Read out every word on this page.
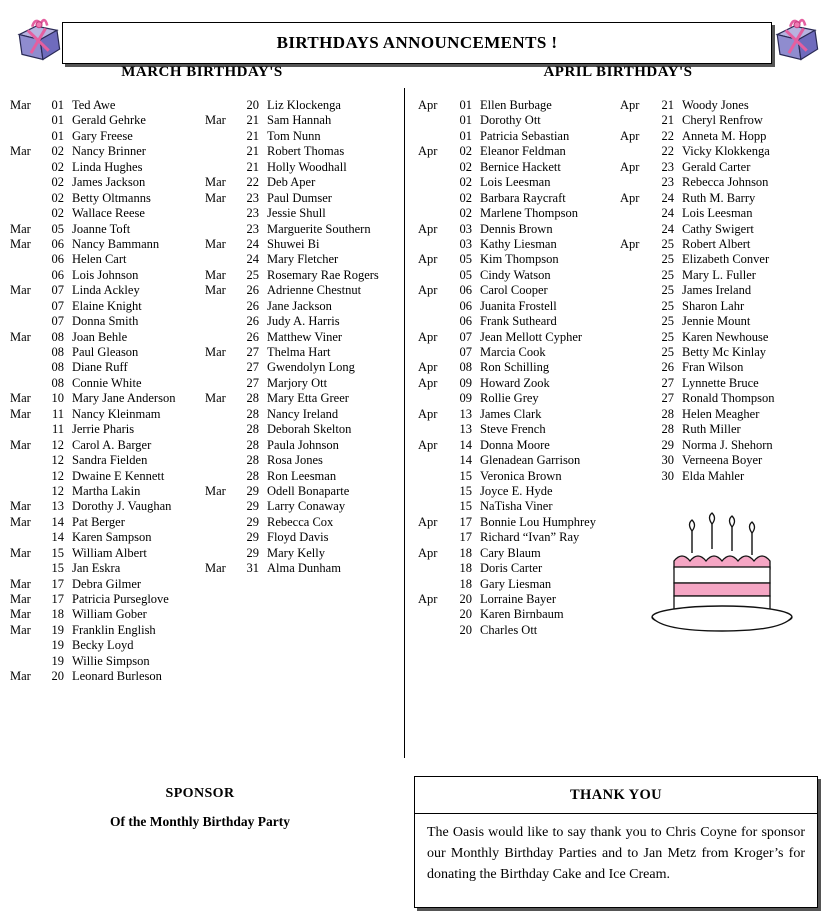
BIRTHDAYS ANNOUNCEMENTS !
MARCH BIRTHDAY'S	APRIL BIRTHDAY'S
Mar	01 Ted Awe
01 Gerald Gehrke
01 Gary Freese
Mar	02 Nancy Brinner
02 Linda Hughes
02 James Jackson
02 Betty Oltmanns
02 Wallace Reese
Mar	05 Joanne Toft
Mar	06 Nancy Bammann
06 Helen Cart
06 Lois Johnson
Mar	07 Linda Ackley
07 Elaine Knight
07 Donna Smith
Mar	08 Joan Behle
08 Paul Gleason
08 Diane Ruff
08 Connie White
Mar	10 Mary Jane Anderson
Mar	11 Nancy Kleinmam
11 Jerrie Pharis
Mar	12 Carol A. Barger
12 Sandra Fielden
12 Dwaine E Kennett
12 Martha Lakin
Mar	13 Dorothy J. Vaughan
Mar	14 Pat Berger
14 Karen Sampson
Mar	15 William Albert
15 Jan Eskra
Mar	17 Debra Gilmer
Mar	17 Patricia Purseglove
Mar	18 William Gober
Mar	19 Franklin English
19 Becky Loyd
19 Willie Simpson
Mar	20 Leonard Burleson
20 Liz Klockenga
Mar	21 Sam Hannah
21 Tom Nunn
21 Robert Thomas
21 Holly Woodhall
Mar	22 Deb Aper
Mar	23 Paul Dumser
23 Jessie Shull
23 Marguerite Southern
Mar	24 Shuwei Bi
24 Mary Fletcher
Mar	25 Rosemary Rae Rogers
Mar	26 Adrienne Chestnut
26 Jane Jackson
26 Judy A. Harris
26 Matthew Viner
Mar	27 Thelma Hart
27 Gwendolyn Long
27 Marjory Ott
Mar	28 Mary Etta Greer
28 Nancy Ireland
28 Deborah Skelton
28 Paula Johnson
28 Rosa Jones
28 Ron Leesman
Mar	29 Odell Bonaparte
29 Larry Conaway
29 Rebecca Cox
29 Floyd Davis
29 Mary Kelly
Mar	31 Alma Dunham
Apr	01 Ellen Burbage
01 Dorothy Ott
01 Patricia Sebastian
Apr	02 Eleanor Feldman
02 Bernice Hackett
02 Lois Leesman
02 Barbara Raycraft
02 Marlene Thompson
Apr	03 Dennis Brown
03 Kathy Liesman
Apr	05 Kim Thompson
05 Cindy Watson
Apr	06 Carol Cooper
06 Juanita Frostell
06 Frank Sutheard
Apr	07 Jean Mellott Cypher
07 Marcia Cook
Apr	08 Ron Schilling
Apr	09 Howard Zook
09 Rollie Grey
Apr	13 James Clark
13 Steve French
Apr	14 Donna Moore
14 Glenadean Garrison
15 Veronica Brown
15 Joyce E. Hyde
15 NaTisha Viner
Apr	17 Bonnie Lou Humphrey
17 Richard “Ivan” Ray
Apr	18 Cary Blaum
18 Doris Carter
18 Gary Liesman
Apr	20 Lorraine Bayer
20 Karen Birnbaum
20 Charles Ott
Apr	21 Woody Jones
21 Cheryl Renfrow
Apr	22 Anneta M. Hopp
22 Vicky Klokkenga
Apr	23 Gerald Carter
23 Rebecca Johnson
Apr	24 Ruth M. Barry
24 Lois Leesman
24 Cathy Swigert
Apr	25 Robert Albert
25 Elizabeth Conver
25 Mary L. Fuller
25 James Ireland
25 Sharon Lahr
25 Jennie Mount
25 Karen Newhouse
25 Betty Mc Kinlay
26 Fran Wilson
27 Lynnette Bruce
27 Ronald Thompson
28 Helen Meagher
28 Ruth Miller
29 Norma J. Shehorn
30 Verneena Boyer
30 Elda Mahler
SPONSOR
Of the Monthly Birthday Party
THANK YOU
The Oasis would like to say thank you to Chris Coyne for sponsor our Monthly Birthday Parties and to Jan Metz from Kroger’s for donating the Birthday Cake and Ice Cream.
